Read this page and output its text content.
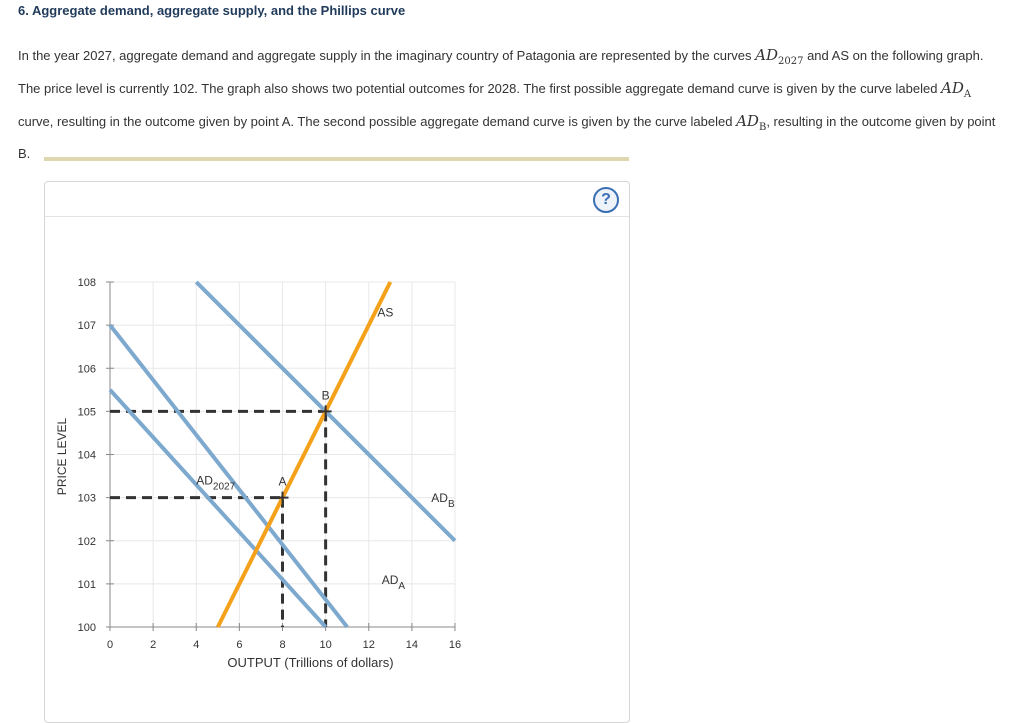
6. Aggregate demand, aggregate supply, and the Phillips curve

In the year 2027, aggregate demand and aggregate supply in the imaginary country of Patagonia are represented by the curves $AD_{2027}$ and AS on the following graph. The price level is currently 102. The graph also shows two potential outcomes for 2028. The first possible aggregate demand curve is given by the curve labeled $AD_A$ curve, resulting in the outcome given by point A. The second possible aggregate demand curve is given by the curve labeled $AD_B$, resulting in the outcome given by point B.

?
0	2	4	6	8	10	12	14	16
100
101
102
103
104
105
106
107
108
OUTPUT (Trillions of dollars)
PRICE LEVEL	$AD_{2027}$
$AD_A$
$AD_B$
AS
A
B
